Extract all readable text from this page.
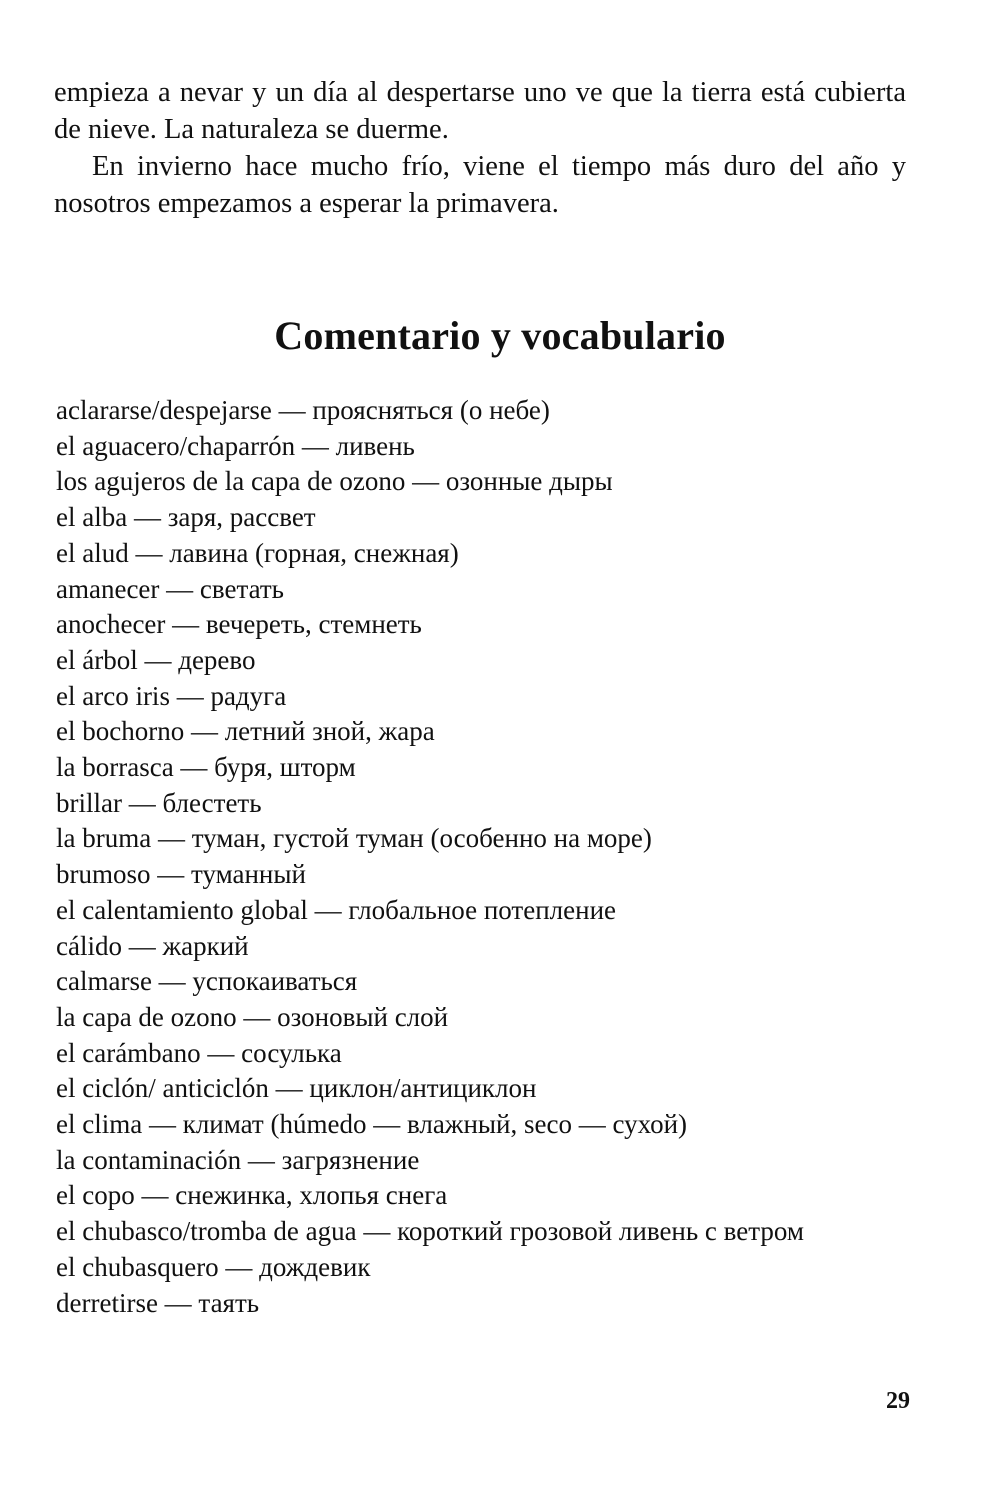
empieza a nevar y un día al despertarse uno ve que la tierra está cubierta de nieve. La naturaleza se duerme.

En invierno hace mucho frío, viene el tiempo más duro del año y nosotros empezamos a esperar la primavera.

Comentario y vocabulario
aclararse/despejarse — проясняться (о небе)
el aguacero/chaparrón — ливень
los agujeros de la capa de ozono — озонные дыры
el alba — заря, рассвет
el alud — лавина (горная, снежная)
amanecer — светать
anochecer — вечереть, стемнеть
el árbol — дерево
el arco iris — радуга
el bochorno — летний зной, жара
la borrasca — буря, шторм
brillar — блестеть
la bruma — туман, густой туман (особенно на море)
brumoso — туманный
el calentamiento global — глобальное потепление
cálido — жаркий
calmarse — успокаиваться
la capa de ozono — озоновый слой
el carámbano — сосулька
el ciclón/ anticiclón — циклон/антициклон
el clima — климат (húmedo — влажный, seco — сухой)
la contaminación — загрязнение
el copo — снежинка, хлопья снега
el chubasco/tromba de agua — короткий грозовой ливень с ветром
el chubasquero — дождевик
derretirse — таять
29
